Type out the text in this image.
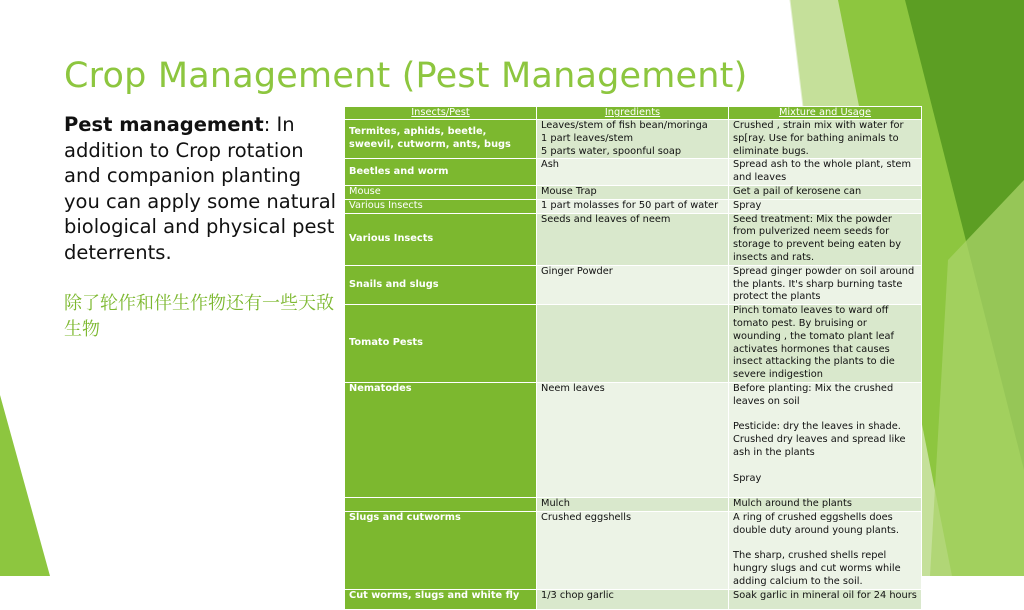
Crop Management (Pest Management)
Pest management: In addition to Crop rotation and companion planting you can apply some natural biological and physical pest deterrents.
除了轮作和伴生作物还有一些天敌生物
Insects/Pest	Ingredients	Mixture and Usage
Termites, aphids, beetle, sweevil, cutworm, ants, bugs	Leaves/stem of fish bean/moringa
1 part leaves/stem
5 parts water, spoonful soap	Crushed , strain mix with water for sp[ray. Use for bathing animals to eliminate bugs.

Beetles and worm	Ash	Spread ash to the whole plant, stem and leaves

Mouse	Mouse Trap	Get a pail of kerosene can

Various Insects	1 part molasses for 50 part of water	Spray

Various Insects	Seeds and leaves of neem	Seed treatment: Mix the powder from pulverized neem seeds for storage to prevent being eaten by insects and rats.

Snails and slugs	Ginger Powder	Spread ginger powder on soil around the plants. It's sharp burning taste protect the plants

Tomato Pests		Pinch tomato leaves to ward off tomato pest. By bruising or wounding , the tomato plant leaf activates hormones that causes insect attacking the plants to die severe indigestion

Nematodes	Neem leaves	Before planting: Mix the crushed leaves on soil

Pesticide: dry the leaves in shade. Crushed dry leaves and spread like ash in the plants

Spray

	Mulch	Mulch around the plants

Slugs and cutworms	Crushed eggshells	A ring of crushed eggshells does double duty around young plants.

The sharp, crushed shells repel hungry slugs and cut worms while adding calcium to the soil.

Cut worms, slugs and white fly	1/3 chop garlic	Soak garlic in mineral oil for 24 hours
